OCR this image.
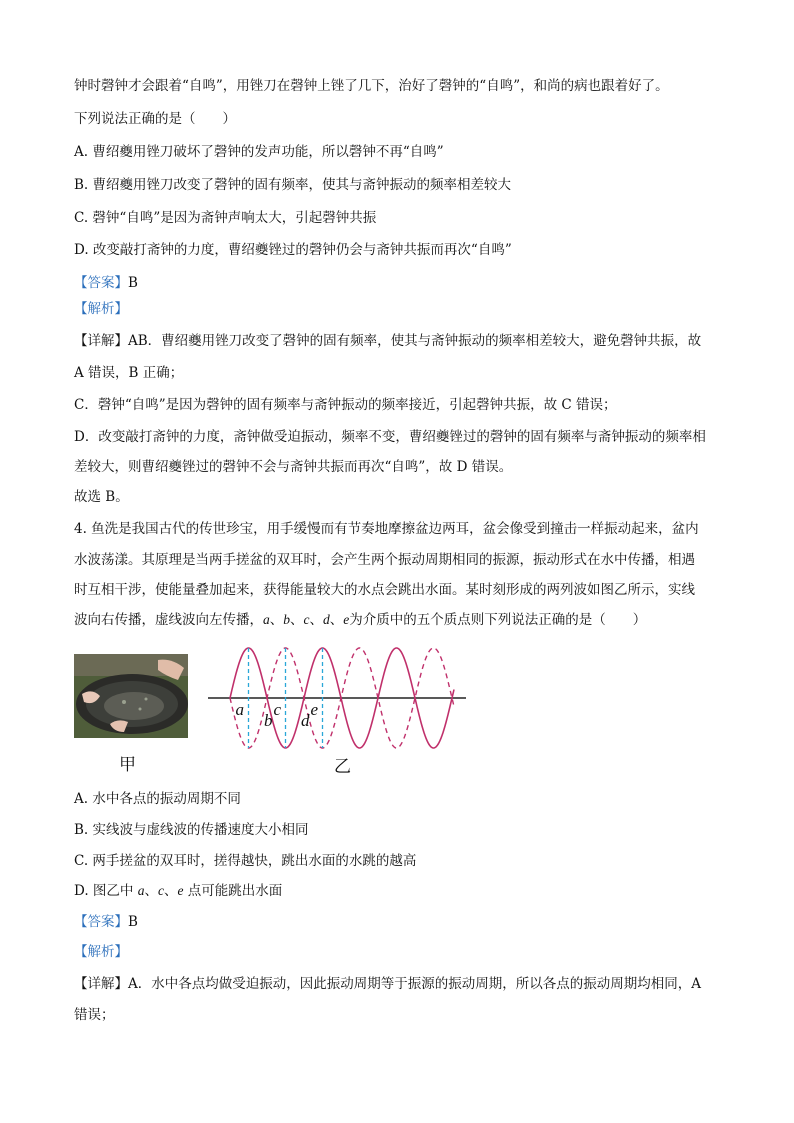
钟时磬钟才会跟着“自鸣”，用锉刀在磬钟上锉了几下，治好了磬钟的“自鸣”，和尚的病也跟着好了。
下列说法正确的是（　　）
A. 曹绍夔用锉刀破坏了磬钟的发声功能，所以磬钟不再“自鸣”
B. 曹绍夔用锉刀改变了磬钟的固有频率，使其与斋钟振动的频率相差较大
C. 磬钟“自鸣”是因为斋钟声响太大，引起磬钟共振
D. 改变敲打斋钟的力度，曹绍夔锉过的磬钟仍会与斋钟共振而再次“自鸣”
【答案】B
【解析】
【详解】AB．曹绍夔用锉刀改变了磬钟的固有频率，使其与斋钟振动的频率相差较大，避免磬钟共振，故
A 错误，B 正确；
C．磬钟“自鸣”是因为磬钟的固有频率与斋钟振动的频率接近，引起磬钟共振，故 C 错误；
D．改变敲打斋钟的力度，斋钟做受迫振动，频率不变，曹绍夔锉过的磬钟的固有频率与斋钟振动的频率相
差较大，则曹绍夔锉过的磬钟不会与斋钟共振而再次“自鸣”，故 D 错误。
故选 B。
4. 鱼洗是我国古代的传世珍宝，用手缓慢而有节奏地摩擦盆边两耳，盆会像受到撞击一样振动起来，盆内
水波荡漾。其原理是当两手搓盆的双耳时，会产生两个振动周期相同的振源，振动形式在水中传播，相遇
时互相干涉，使能量叠加起来，获得能量较大的水点会跳出水面。某时刻形成的两列波如图乙所示，实线
波向右传播，虚线波向左传播，a、b、c、d、e为介质中的五个质点则下列说法正确的是（　　）
甲
a
b
c
d
e
乙
A. 水中各点的振动周期不同
B. 实线波与虚线波的传播速度大小相同
C. 两手搓盆的双耳时，搓得越快，跳出水面的水跳的越高
D. 图乙中 a、c、e 点可能跳出水面
【答案】B
【解析】
【详解】A．水中各点均做受迫振动，因此振动周期等于振源的振动周期，所以各点的振动周期均相同，A
错误；
